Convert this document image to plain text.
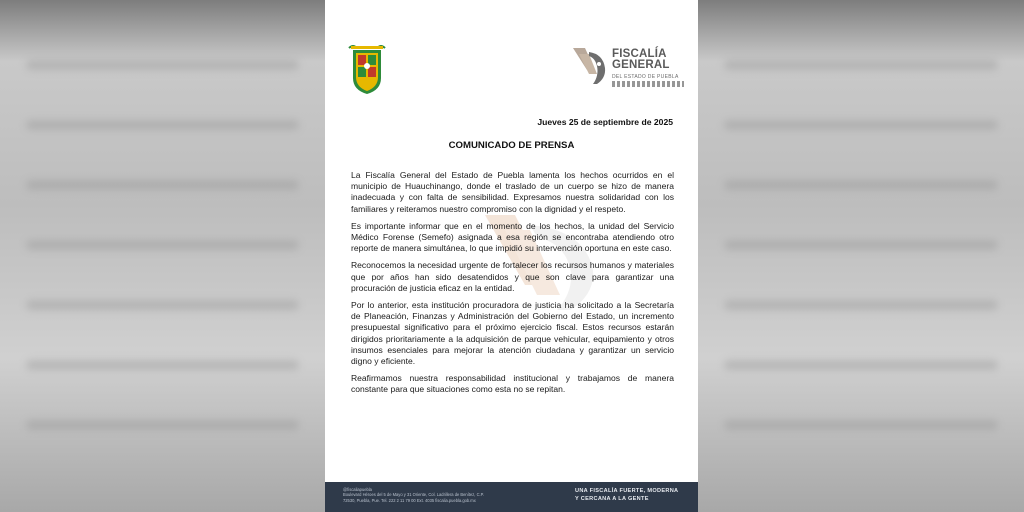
FISCALÍA
GENERAL
DEL ESTADO DE PUEBLA
Jueves 25 de septiembre de 2025
COMUNICADO DE PRENSA

La Fiscalía General del Estado de Puebla lamenta los hechos ocurridos en el municipio de Huauchinango, donde el traslado de un cuerpo se hizo de manera inadecuada y con falta de sensibilidad. Expresamos nuestra solidaridad con los familiares y reiteramos nuestro compromiso con la dignidad y el respeto.

Es importante informar que en el momento de los hechos, la unidad del Servicio Médico Forense (Semefo) asignada a esa región se encontraba atendiendo otro reporte de manera simultánea, lo que impidió su intervención oportuna en este caso.

Reconocemos la necesidad urgente de fortalecer los recursos humanos y materiales que por años han sido desatendidos y que son clave para garantizar una procuración de justicia eficaz en la entidad.

Por lo anterior, esta institución procuradora de justicia ha solicitado a la Secretaría de Planeación, Finanzas y Administración del Gobierno del Estado, un incremento presupuestal significativo para el próximo ejercicio fiscal. Estos recursos estarán dirigidos prioritariamente a la adquisición de parque vehicular, equipamiento y otros insumos esenciales para mejorar la atención ciudadana y garantizar un servicio digno y eficiente.

Reafirmamos nuestra responsabilidad institucional y trabajamos de manera constante para que situaciones como esta no se repitan.

@fiscaliapuebla
Boulevard Héroes del 5 de Mayo y 31 Oriente, Col. Ladrillera de Benítez, C.P.
72530, Puebla, Pue. Tel. 222 2 11 79 00 Ext. 4035 fiscalia.puebla.gob.mx
UNA FISCALÍA FUERTE, MODERNA
Y CERCANA A LA GENTE
